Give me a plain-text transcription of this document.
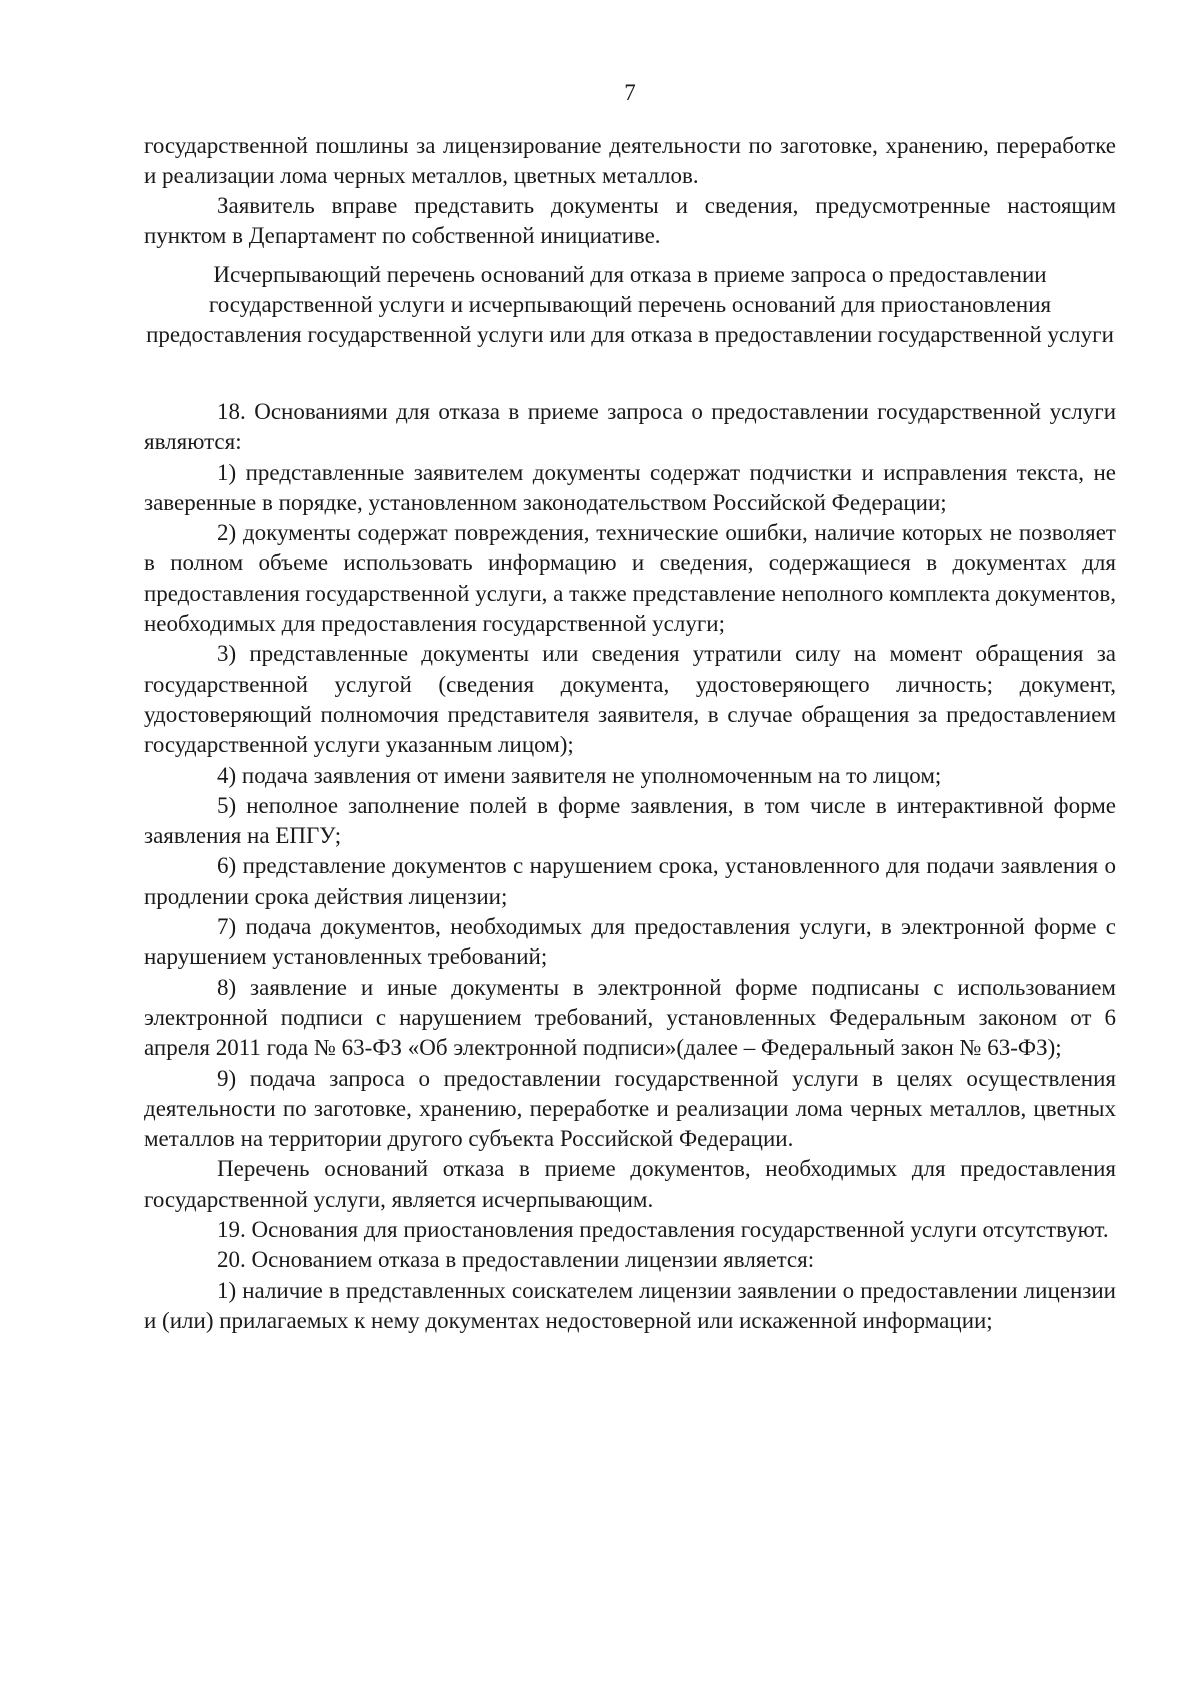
7

государственной пошлины за лицензирование деятельности по заготовке, хранению, переработке и реализации лома черных металлов, цветных металлов.

Заявитель вправе представить документы и сведения, предусмотренные настоящим пунктом в Департамент по собственной инициативе.

Исчерпывающий перечень оснований для отказа в приеме запроса о предоставлении государственной услуги и исчерпывающий перечень оснований для приостановления предоставления государственной услуги или для отказа в предоставлении государственной услуги

18. Основаниями для отказа в приеме запроса о предоставлении государственной услуги являются:

1) представленные заявителем документы содержат подчистки и исправления текста, не заверенные в порядке, установленном законодательством Российской Федерации;

2) документы содержат повреждения, технические ошибки, наличие которых не позволяет в полном объеме использовать информацию и сведения, содержащиеся в документах для предоставления государственной услуги, а также представление неполного комплекта документов, необходимых для предоставления государственной услуги;

3) представленные документы или сведения утратили силу на момент обращения за государственной услугой (сведения документа, удостоверяющего личность; документ, удостоверяющий полномочия представителя заявителя, в случае обращения за предоставлением государственной услуги указанным лицом);

4) подача заявления от имени заявителя не уполномоченным на то лицом;

5) неполное заполнение полей в форме заявления, в том числе в интерактивной форме заявления на ЕПГУ;

6) представление документов с нарушением срока, установленного для подачи заявления о продлении срока действия лицензии;

7) подача документов, необходимых для предоставления услуги, в электронной форме с нарушением установленных требований;

8) заявление и иные документы в электронной форме подписаны с использованием электронной подписи с нарушением требований, установленных Федеральным законом от 6 апреля 2011 года № 63-ФЗ «Об электронной подписи»(далее – Федеральный закон № 63-ФЗ);

9) подача запроса о предоставлении государственной услуги в целях осуществления деятельности по заготовке, хранению, переработке и реализации лома черных металлов, цветных металлов на территории другого субъекта Российской Федерации.

Перечень оснований отказа в приеме документов, необходимых для предоставления государственной услуги, является исчерпывающим.

19. Основания для приостановления предоставления государственной услуги отсутствуют.

20. Основанием отказа в предоставлении лицензии является:

1) наличие в представленных соискателем лицензии заявлении о предоставлении лицензии и (или) прилагаемых к нему документах недостоверной или искаженной информации;
